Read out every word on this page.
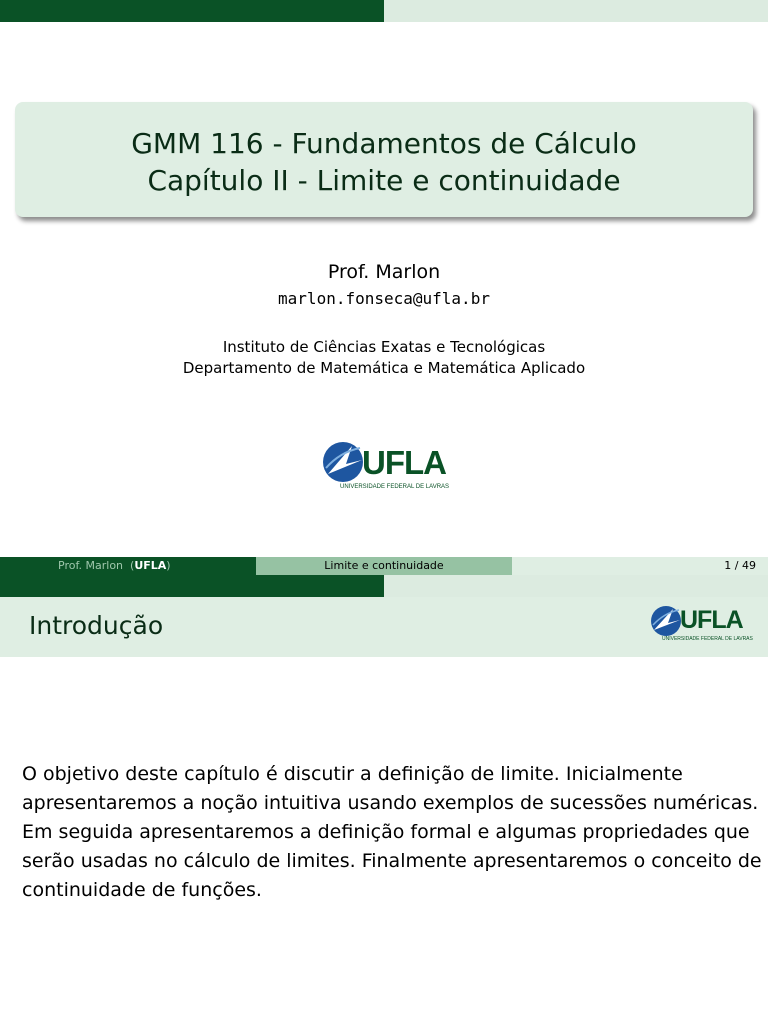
GMM 116 - Fundamentos de Cálculo
Capítulo II - Limite e continuidade
Prof. Marlon
marlon.fonseca@ufla.br
Instituto de Ciências Exatas e Tecnológicas
Departamento de Matemática e Matemática Aplicado
UFLA
UNIVERSIDADE FEDERAL DE LAVRAS
Prof. Marlon  (UFLA)	Limite e continuidade	1 / 49
Introdução	UFLA
UNIVERSIDADE FEDERAL DE LAVRAS
O objetivo deste capítulo é discutir a definição de limite. Inicialmente apresentaremos a noção intuitiva usando exemplos de sucessões numéricas. Em seguida apresentaremos a definição formal e algumas propriedades que serão usadas no cálculo de limites. Finalmente apresentaremos o conceito de continuidade de funções.
